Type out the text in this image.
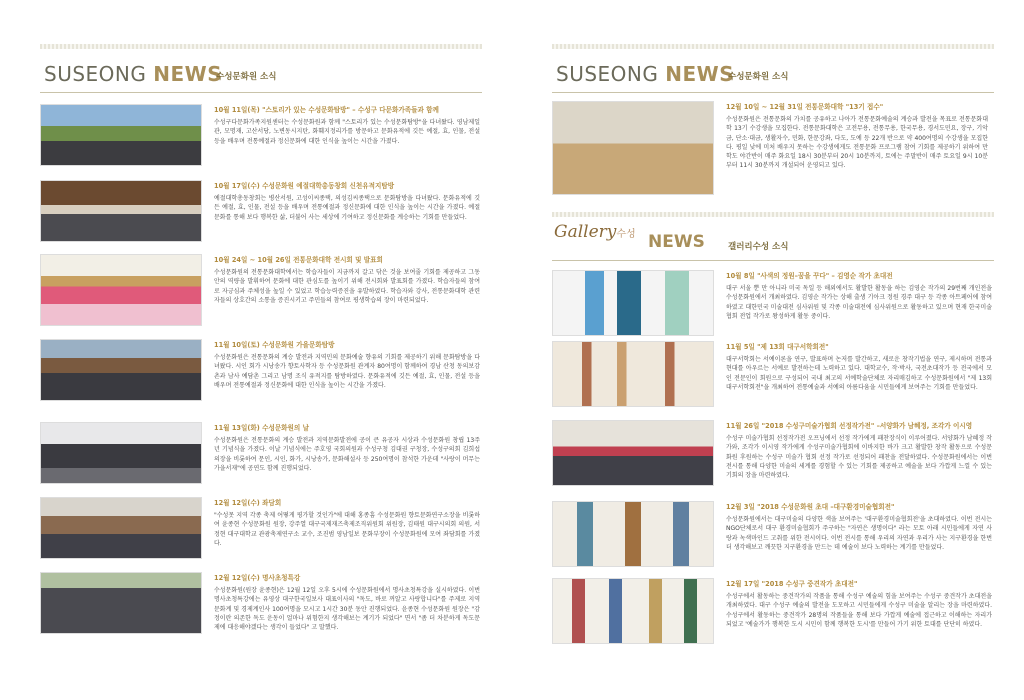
SUSEONG NEWS
수성문화원 소식
10월 11일(목) "스토리가 있는 수성문화탐방" – 수성구 다문화가족들과 함께
수성구다문화가족지원센터는 수성문화원과 함께 "스토리가 있는 수성문화탐방"을 다녀왔다. 영남제일관, 모명재, 고산서당, 노변동시지탄, 화훼지정리가를 방문하고 문화유적에 깃든 예절, 효, 인물, 전설 등을 배우며 전통예절과 정신문화에 대한 인식을 높이는 시간을 가졌다.
10월 17일(수) 수성문화원 예절대학총동창회 신천유적지탐방
예절대학총동창회는 병산서원, 고성이씨종택, 의성김씨종택으로 문화탐방을 다녀왔다. 문화유적에 깃든 예절, 효, 인물, 전설 등을 배우며 전통예절과 정신문화에 대한 인식을 높이는 시간을 가졌다. 예절문화를 통해 보다 행복한 삶, 더불어 사는 세상에 기여하고 정신문화를 계승하는 기회를 만들었다.
10월 24일 ~ 10월 26일 전통문화대학 전시회 및 발표회
수성문화원의 전통문화대학에서는 학습자들이 지금까지 갈고 닦은 것을 보여줄 기회를 제공하고 그동안의 역량을 발휘하여 문화에 대한 관심도를 높이기 위해 전시회와 발표회를 가졌다. 학습자들의 참여로 자긍심과 주체성을 높일 수 있었고 학습능력증진을 유발하였다. 학습자와 강사, 전통문화대학 관련자들의 상호간의 소통을 증진시키고 주민들의 참여로 평생학습의 장이 마련되었다.
11월 10일(토) 수성문화원 가을문화탐방
수성문화원은 전통문화의 계승 발전과 지역민의 문화예술 향유의 기회를 제공하기 위해 문화탐방을 다녀왔다. 시인 회가 시낭송가 향토사학자 등 수성문화원 관계자 80여명이 함께하여 경남 산청 동의보감촌과 남사 예담촌 그리고 남명 조식 유적지를 탐방하였다. 문화유적에 깃든 예절, 효, 인물, 전설 등을 배우며 전통예절과 정신문화에 대한 인식을 높이는 시간을 가졌다.
11월 13일(화) 수성문화원의 날
수성문화원은 전통문화의 계승 발전과 지역문화발전에 공이 큰 유공자 시상과 수성문화원 창립 13주년 기념식을 가졌다. 이날 기념식에는 주호영 국회의원과 수성구청 김대권 구청장, 수성구의회 김희섭 의장을 비롯하여 문인, 시인, 화가, 시낭송가, 문화해설사 등 250여명이 참석한 가운데 "사랑이 머무는 가을서재"에 공연도 함께 진행되었다.
12월 12일(수) 좌담회
"수성못 지역 각종 축제 어떻게 평가할 것인가"에 대해 홍종흠 수성문화원 향토문화연구소장을 비롯하여 윤종현 수성문화원 원장, 강주열 대구국제재즈축제조직위원회 위원장, 김태원 대구시의회 의원, 서정현 대구대학교 관광축제연구소 교수, 조진범 영남일보 문화부장이 수성문화원에 모여 좌담회를 가졌다.
12월 12일(수) 명사초청특강
수성문화원(원장 윤종현)은 12월 12일 오후 5시에 수성문화원에서 명사초청특강을 실시하였다. 이번 명사초청특강에는 유영상 대구한국일보사 대표이사의 "독도, 바로 꺼알고 사랑합니다"를 주제로 지역 문화계 및 경제계인사 100여명을 모시고 1시간 30분 동안 진행되었다. 윤종현 수성문화원 원장은 "감정이란 의존한 독도 운동이 얼마나 위험한지 생각해보는 계기가 되었다" 면서 "좀 더 차분하게 독도문제에 대응해야겠다는 생각이 들었다" 고 말했다.
SUSEONG NEWS
수성문화원 소식
Gallery수성 NEWS	갤러리수성 소식
12월 10일 ~ 12월 31일 전통문화대학 "13기 접수"
수성문화원은 전통문화의 가치를 공유하고 나아가 전통문화예술의 계승과 발전을 목표로 전통문화대학 13기 수강생을 모집한다. 전통문화대학은 고전무용, 전통무용, 한국무용, 경서도민요, 장구, 기악금, 단소·대금, 생활자수, 민화, 한문강좌, 다도, 도예 등 22개 반으로 약 400여명의 수강생을 모집한다. 평일 낮에 미처 배우지 못하는 수강생에게도 전통문화 프로그램 참여 기회를 제공하기 위하여 만학도 야간반이 매주 화요일 18시 30분부터 20시 10분까지, 토에는 주말반이 매주 토요일 9시 10분부터 11시 30분까지 개설되어 운영되고 있다.
10월 8일 "사색의 정원–꿈을 꾸다" – 김영순 작가 초대전
대구 서울 뿐 만 아니라 미국 독일 등 해외에서도 활발한 활동을 하는 김영순 작가의 29번째 개인전을 수성문화원에서 개최하였다. 김영순 작가는 상해 출생 기아크 정원 경주 대구 등 각종 아트페어에 참여하였고 대한민국 미술대전 심사위원 및 각종 미술대전에 심사위원으로 활동하고 있으며 현재 한국미술협회 전업 작가로 왕성하게 활동 중이다.
11월 5일 "제 13회 대구서학회전"
대구서학회는 서예이론을 연구, 발표하며 논저를 발간하고, 새로운 창작기법을 연구, 제시하며 전통과 현대를 아우르는 서예로 발전하는데 노력하고 있다. 대학교수, 작·박사, 국전초대작가 등 전국에서 모인 전문인이 회원으로 구성되어 국내 최고의 서예학술단체로 자리매김하고 수성문화원에서 "제 13회 대구서학회전"을 개최하여 전통예술과 서예의 아름다움을 시민들에게 보여주는 기회를 만들었다.
11월 26일 "2018 수성구미술가협회 선정작가전" –서양화가 남혜정, 조각가 이시영
수성구 미술가협회 선정작가전 오프닝에서 선정 작가에게 패찬장식이 이루어졌다. 서양화가 남혜정 작가와, 조각가 이시영 작가에게 수성구미술가협회에 이바지한 바가 크고 활발한 창작 활동으로 수성문화원 후원하는 수성구 미술가 협회 선정 작가로 선정되어 패찬을 전달하였다. 수성문화원에서는 이번 전시를 통해 다양한 미술의 세계를 경험할 수 있는 기회를 제공하고 예술을 보다 가깝게 느낄 수 있는 기회의 장을 마련하였다.
12월 3일 "2018 수성문화원 초대 –대구환경미술협회전"
수성문화원에서는 대구미술의 다양한 색을 보여주는 '대구환경미술협회전'을 초대하였다. 이번 전시는 NGO단체로서 대구 환경미술협회가 주구하는 "자연은 생명이다" 라는 모토 아래 시민들에게 자연 사랑과 녹색마인드 고취를 위한 전시이다. 이번 전시를 통해 우리의 자연과 우리가 사는 지구환경을 한번 더 생각해보고 깨끗한 지구환경을 만드는 데 예술이 보다 노력하는 계기를 만들었다.
12월 17일 "2018 수성구 중견작가 초대전"
수성구에서 활동하는 중견작가의 작품을 통해 수성구 예술의 힘을 보여주는 수성구 중견작가 초대전을 개최하였다. 대구 수성구 예술의 발전을 도모하고 시민들에게 수성구 미술을 알리는 장을 마련하였다. 수성구에서 활동하는 중견작가 28명의 작품들을 통해 보다 가깝게 예술에 접근하고 이해하는 자리가 되었고 '예술가가 행복한 도시 시민이 함께 행복한 도시'를 만들어 가기 위한 토대를 단단히 하였다.
